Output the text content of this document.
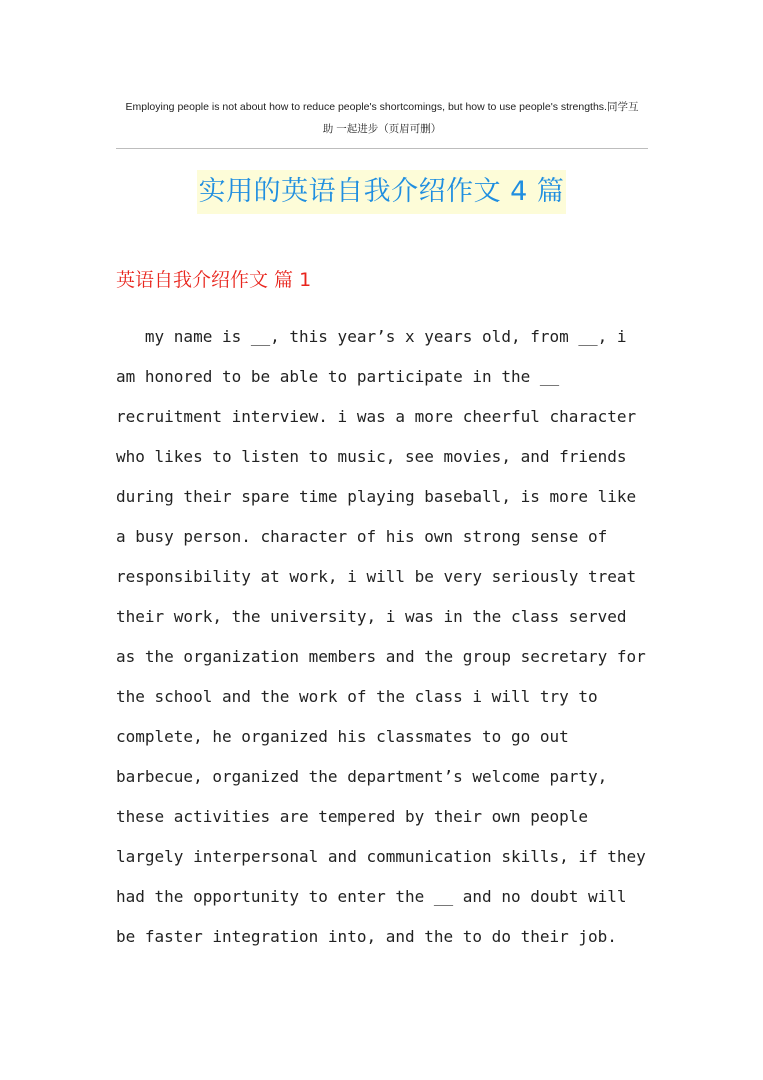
Employing people is not about how to reduce people's shortcomings, but how to use people's strengths.同学互
助 一起进步（页眉可删）
实用的英语自我介绍作文 4 篇
英语自我介绍作文 篇 1
my name is __, this year’s x years old, from __, i
am honored to be able to participate in the __
recruitment interview. i was a more cheerful character
who likes to listen to music, see movies, and friends
during their spare time playing baseball, is more like
a busy person. character of his own strong sense of
responsibility at work, i will be very seriously treat
their work, the university, i was in the class served
as the organization members and the group secretary for
the school and the work of the class i will try to
complete, he organized his classmates to go out
barbecue, organized the department’s welcome party,
these activities are tempered by their own people
largely interpersonal and communication skills, if they
had the opportunity to enter the __ and no doubt will
be faster integration into, and the to do their job.
